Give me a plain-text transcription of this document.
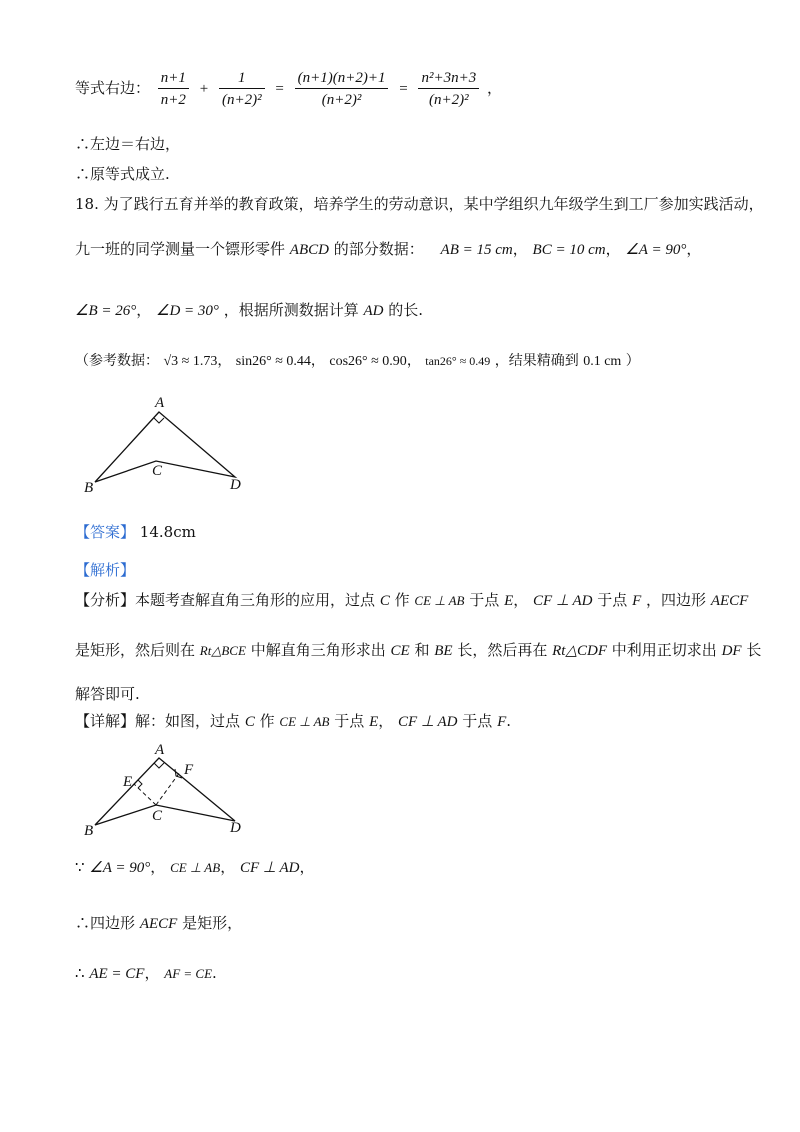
等式右边： $\frac{n+1}{n+2} + \frac{1}{\text{(n+2)²}} = \frac{(n+1)(n+2)+1}{\text{(n+2)²}} = \frac{\text{n²+3n+3}}{\text{(n+2)²}}$ ，
∴左边＝右边，
∴原等式成立.
18. 为了践行五育并举的教育政策，培养学生的劳动意识，某中学组织九年级学生到工厂参加实践活动，
九一班的同学测量一个镖形零件 ABCD 的部分数据： AB = 15 cm， BC = 10 cm， ∠A = 90°，
∠B = 26°， ∠D = 30° ，根据所测数据计算 AD 的长.
（参考数据： √3 ≈ 1.73， sin26° ≈ 0.44， cos26° ≈ 0.90， tan26° ≈ 0.49 ，结果精确到 0.1 cm ）
A
B
C
D
【答案】 14.8cm
【解析】
【分析】本题考查解直角三角形的应用，过点 C 作 CE ⊥ AB 于点 E， CF ⊥ AD 于点 F ，四边形 AECF
是矩形，然后则在 Rt△BCE 中解直角三角形求出 CE 和 BE 长，然后再在 Rt△CDF 中利用正切求出 DF 长
解答即可.
【详解】解：如图，过点 C 作 CE ⊥ AB 于点 E， CF ⊥ AD 于点 F.
A
B
C
D
E
F
∵ ∠A = 90°， CE ⊥ AB， CF ⊥ AD，
∴四边形 AECF 是矩形，
∴ AE = CF， AF = CE.
